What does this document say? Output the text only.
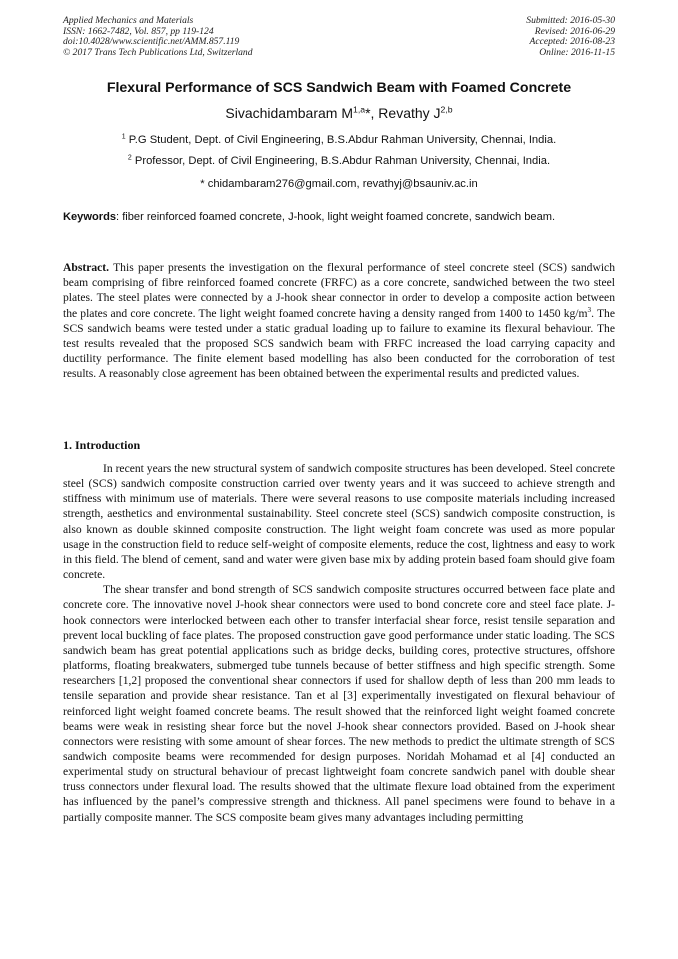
Applied Mechanics and Materials
ISSN: 1662-7482, Vol. 857, pp 119-124
doi:10.4028/www.scientific.net/AMM.857.119
© 2017 Trans Tech Publications Ltd, Switzerland
Submitted: 2016-05-30
Revised: 2016-06-29
Accepted: 2016-08-23
Online: 2016-11-15
Flexural Performance of SCS Sandwich Beam with Foamed Concrete
Sivachidambaram M$^{1,a}$*, Revathy J$^{2,b}$
$^1$ P.G Student, Dept. of Civil Engineering, B.S.Abdur Rahman University, Chennai, India.
$^2$ Professor, Dept. of Civil Engineering, B.S.Abdur Rahman University, Chennai, India.
* chidambaram276@gmail.com, revathyj@bsauniv.ac.in
Keywords: fiber reinforced foamed concrete, J-hook, light weight foamed concrete, sandwich beam.
Abstract. This paper presents the investigation on the flexural performance of steel concrete steel (SCS) sandwich beam comprising of fibre reinforced foamed concrete (FRFC) as a core concrete, sandwiched between the two steel plates. The steel plates were connected by a J-hook shear connector in order to develop a composite action between the plates and core concrete. The light weight foamed concrete having a density ranged from 1400 to 1450 $kg/m^3$. The SCS sandwich beams were tested under a static gradual loading up to failure to examine its flexural behaviour. The test results revealed that the proposed SCS sandwich beam with FRFC increased the load carrying capacity and ductility performance. The finite element based modelling has also been conducted for the corroboration of test results. A reasonably close agreement has been obtained between the experimental results and predicted values.
1. Introduction

In recent years the new structural system of sandwich composite structures has been developed. Steel concrete steel (SCS) sandwich composite construction carried over twenty years and it was succeed to achieve strength and stiffness with minimum use of materials. There were several reasons to use composite materials including increased strength, aesthetics and environmental sustainability. Steel concrete steel (SCS) sandwich composite construction, is also known as double skinned composite construction. The light weight foam concrete was used as more popular usage in the construction field to reduce self-weight of composite elements, reduce the cost, lightness and easy to work in this field. The blend of cement, sand and water were given base mix by adding protein based foam should give foam concrete.

The shear transfer and bond strength of SCS sandwich composite structures occurred between face plate and concrete core. The innovative novel J-hook shear connectors were used to bond concrete core and steel face plate. J-hook connectors were interlocked between each other to transfer interfacial shear force, resist tensile separation and prevent local buckling of face plates. The proposed construction gave good performance under static loading. The SCS sandwich beam has great potential applications such as bridge decks, building cores, protective structures, offshore platforms, floating breakwaters, submerged tube tunnels because of better stiffness and high specific strength. Some researchers [1,2] proposed the conventional shear connectors if used for shallow depth of less than 200 mm leads to tensile separation and provide shear resistance. Tan et al [3] experimentally investigated on flexural behaviour of reinforced light weight foamed concrete beams. The result showed that the reinforced light weight foamed concrete beams were weak in resisting shear force but the novel J-hook shear connectors provided. Based on J-hook shear connectors were resisting with some amount of shear forces. The new methods to predict the ultimate strength of SCS sandwich composite beams were recommended for design purposes. Noridah Mohamad et al [4] conducted an experimental study on structural behaviour of precast lightweight foam concrete sandwich panel with double shear truss connectors under flexural load. The results showed that the ultimate flexure load obtained from the experiment has influenced by the panel’s compressive strength and thickness. All panel specimens were found to behave in a partially composite manner. The SCS composite beam gives many advantages including permitting
